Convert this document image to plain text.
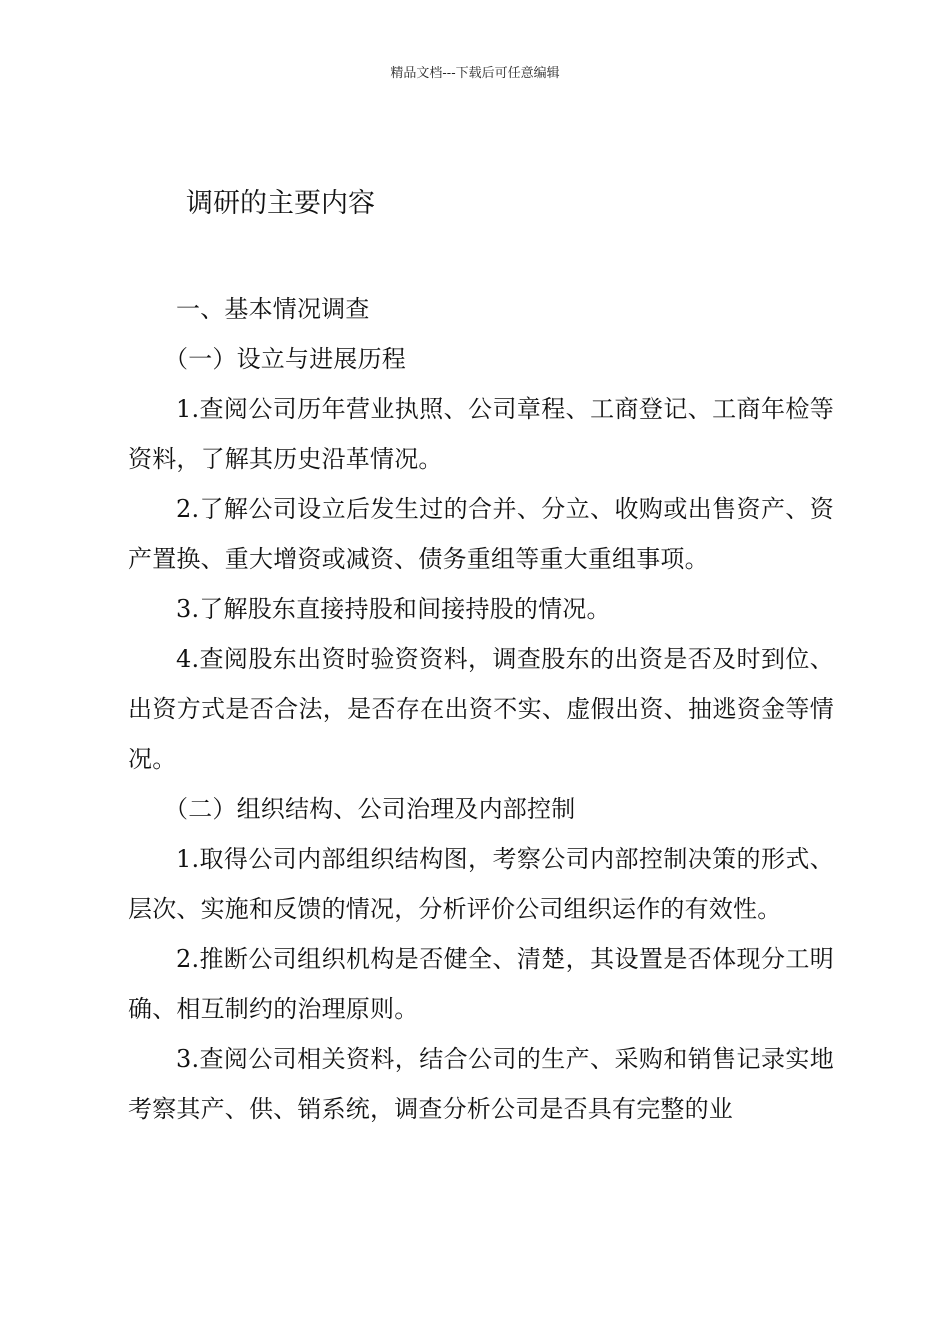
精品文档---下载后可任意编辑
调研的主要内容

一、基本情况调查

（一）设立与进展历程

1.查阅公司历年营业执照、公司章程、工商登记、工商年检等资料，了解其历史沿革情况。

2.了解公司设立后发生过的合并、分立、收购或出售资产、资产置换、重大增资或减资、债务重组等重大重组事项。

3.了解股东直接持股和间接持股的情况。

4.查阅股东出资时验资资料，调查股东的出资是否及时到位、出资方式是否合法，是否存在出资不实、虚假出资、抽逃资金等情况。

（二）组织结构、公司治理及内部控制

1.取得公司内部组织结构图，考察公司内部控制决策的形式、层次、实施和反馈的情况，分析评价公司组织运作的有效性。

2.推断公司组织机构是否健全、清楚，其设置是否体现分工明确、相互制约的治理原则。

3.查阅公司相关资料，结合公司的生产、采购和销售记录实地考察其产、供、销系统，调查分析公司是否具有完整的业
